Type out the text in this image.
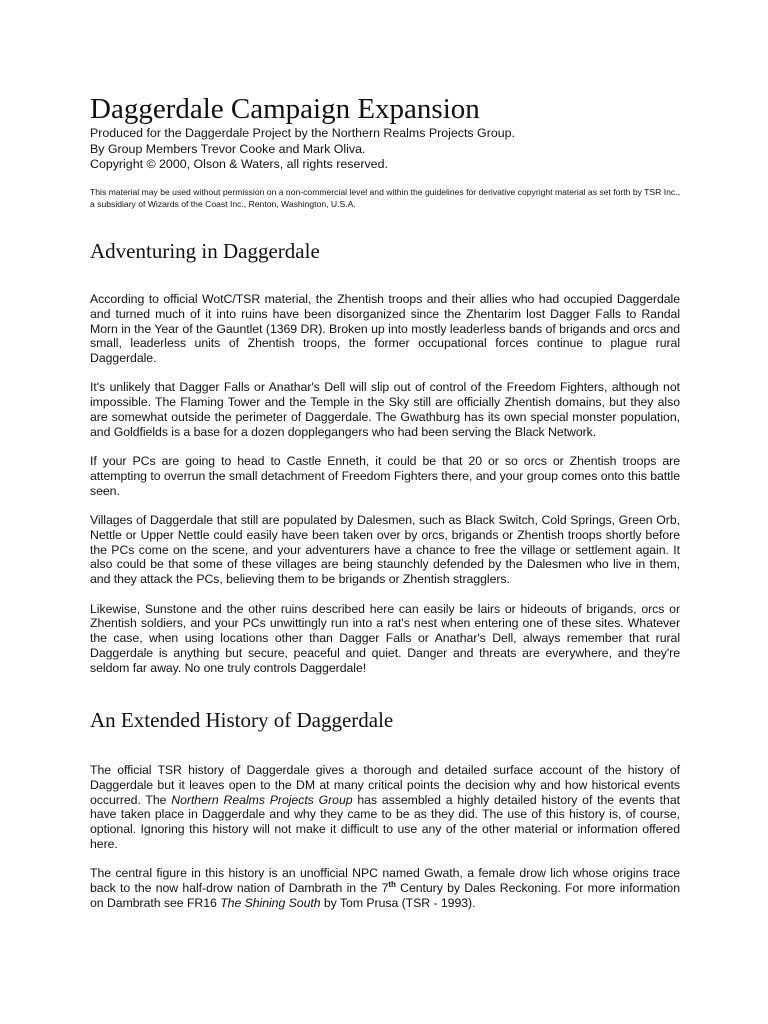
Daggerdale Campaign Expansion
Produced for the Daggerdale Project by the Northern Realms Projects Group.
By Group Members Trevor Cooke and Mark Oliva.
Copyright © 2000, Olson & Waters, all rights reserved.
This material may be used without permission on a non-commercial level and within the guidelines for derivative copyright material as set forth by TSR Inc., a subsidiary of Wizards of the Coast Inc., Renton, Washington, U.S.A.
Adventuring in Daggerdale

According to official WotC/TSR material, the Zhentish troops and their allies who had occupied Daggerdale and turned much of it into ruins have been disorganized since the Zhentarim lost Dagger Falls to Randal Morn in the Year of the Gauntlet (1369 DR). Broken up into mostly leaderless bands of brigands and orcs and small, leaderless units of Zhentish troops, the former occupational forces continue to plague rural Daggerdale.

It's unlikely that Dagger Falls or Anathar's Dell will slip out of control of the Freedom Fighters, although not impossible. The Flaming Tower and the Temple in the Sky still are officially Zhentish domains, but they also are somewhat outside the perimeter of Daggerdale. The Gwathburg has its own special monster population, and Goldfields is a base for a dozen dopplegangers who had been serving the Black Network.

If your PCs are going to head to Castle Enneth, it could be that 20 or so orcs or Zhentish troops are attempting to overrun the small detachment of Freedom Fighters there, and your group comes onto this battle seen.

Villages of Daggerdale that still are populated by Dalesmen, such as Black Switch, Cold Springs, Green Orb, Nettle or Upper Nettle could easily have been taken over by orcs, brigands or Zhentish troops shortly before the PCs come on the scene, and your adventurers have a chance to free the village or settlement again. It also could be that some of these villages are being staunchly defended by the Dalesmen who live in them, and they attack the PCs, believing them to be brigands or Zhentish stragglers.

Likewise, Sunstone and the other ruins described here can easily be lairs or hideouts of brigands, orcs or Zhentish soldiers, and your PCs unwittingly run into a rat's nest when entering one of these sites. Whatever the case, when using locations other than Dagger Falls or Anathar's Dell, always remember that rural Daggerdale is anything but secure, peaceful and quiet. Danger and threats are everywhere, and they're seldom far away. No one truly controls Daggerdale!

An Extended History of Daggerdale

The official TSR history of Daggerdale gives a thorough and detailed surface account of the history of Daggerdale but it leaves open to the DM at many critical points the decision why and how historical events occurred. The Northern Realms Projects Group has assembled a highly detailed history of the events that have taken place in Daggerdale and why they came to be as they did. The use of this history is, of course, optional. Ignoring this history will not make it difficult to use any of the other material or information offered here.

The central figure in this history is an unofficial NPC named Gwath, a female drow lich whose origins trace back to the now half-drow nation of Dambrath in the 7th Century by Dales Reckoning. For more information on Dambrath see FR16 The Shining South by Tom Prusa (TSR - 1993).
